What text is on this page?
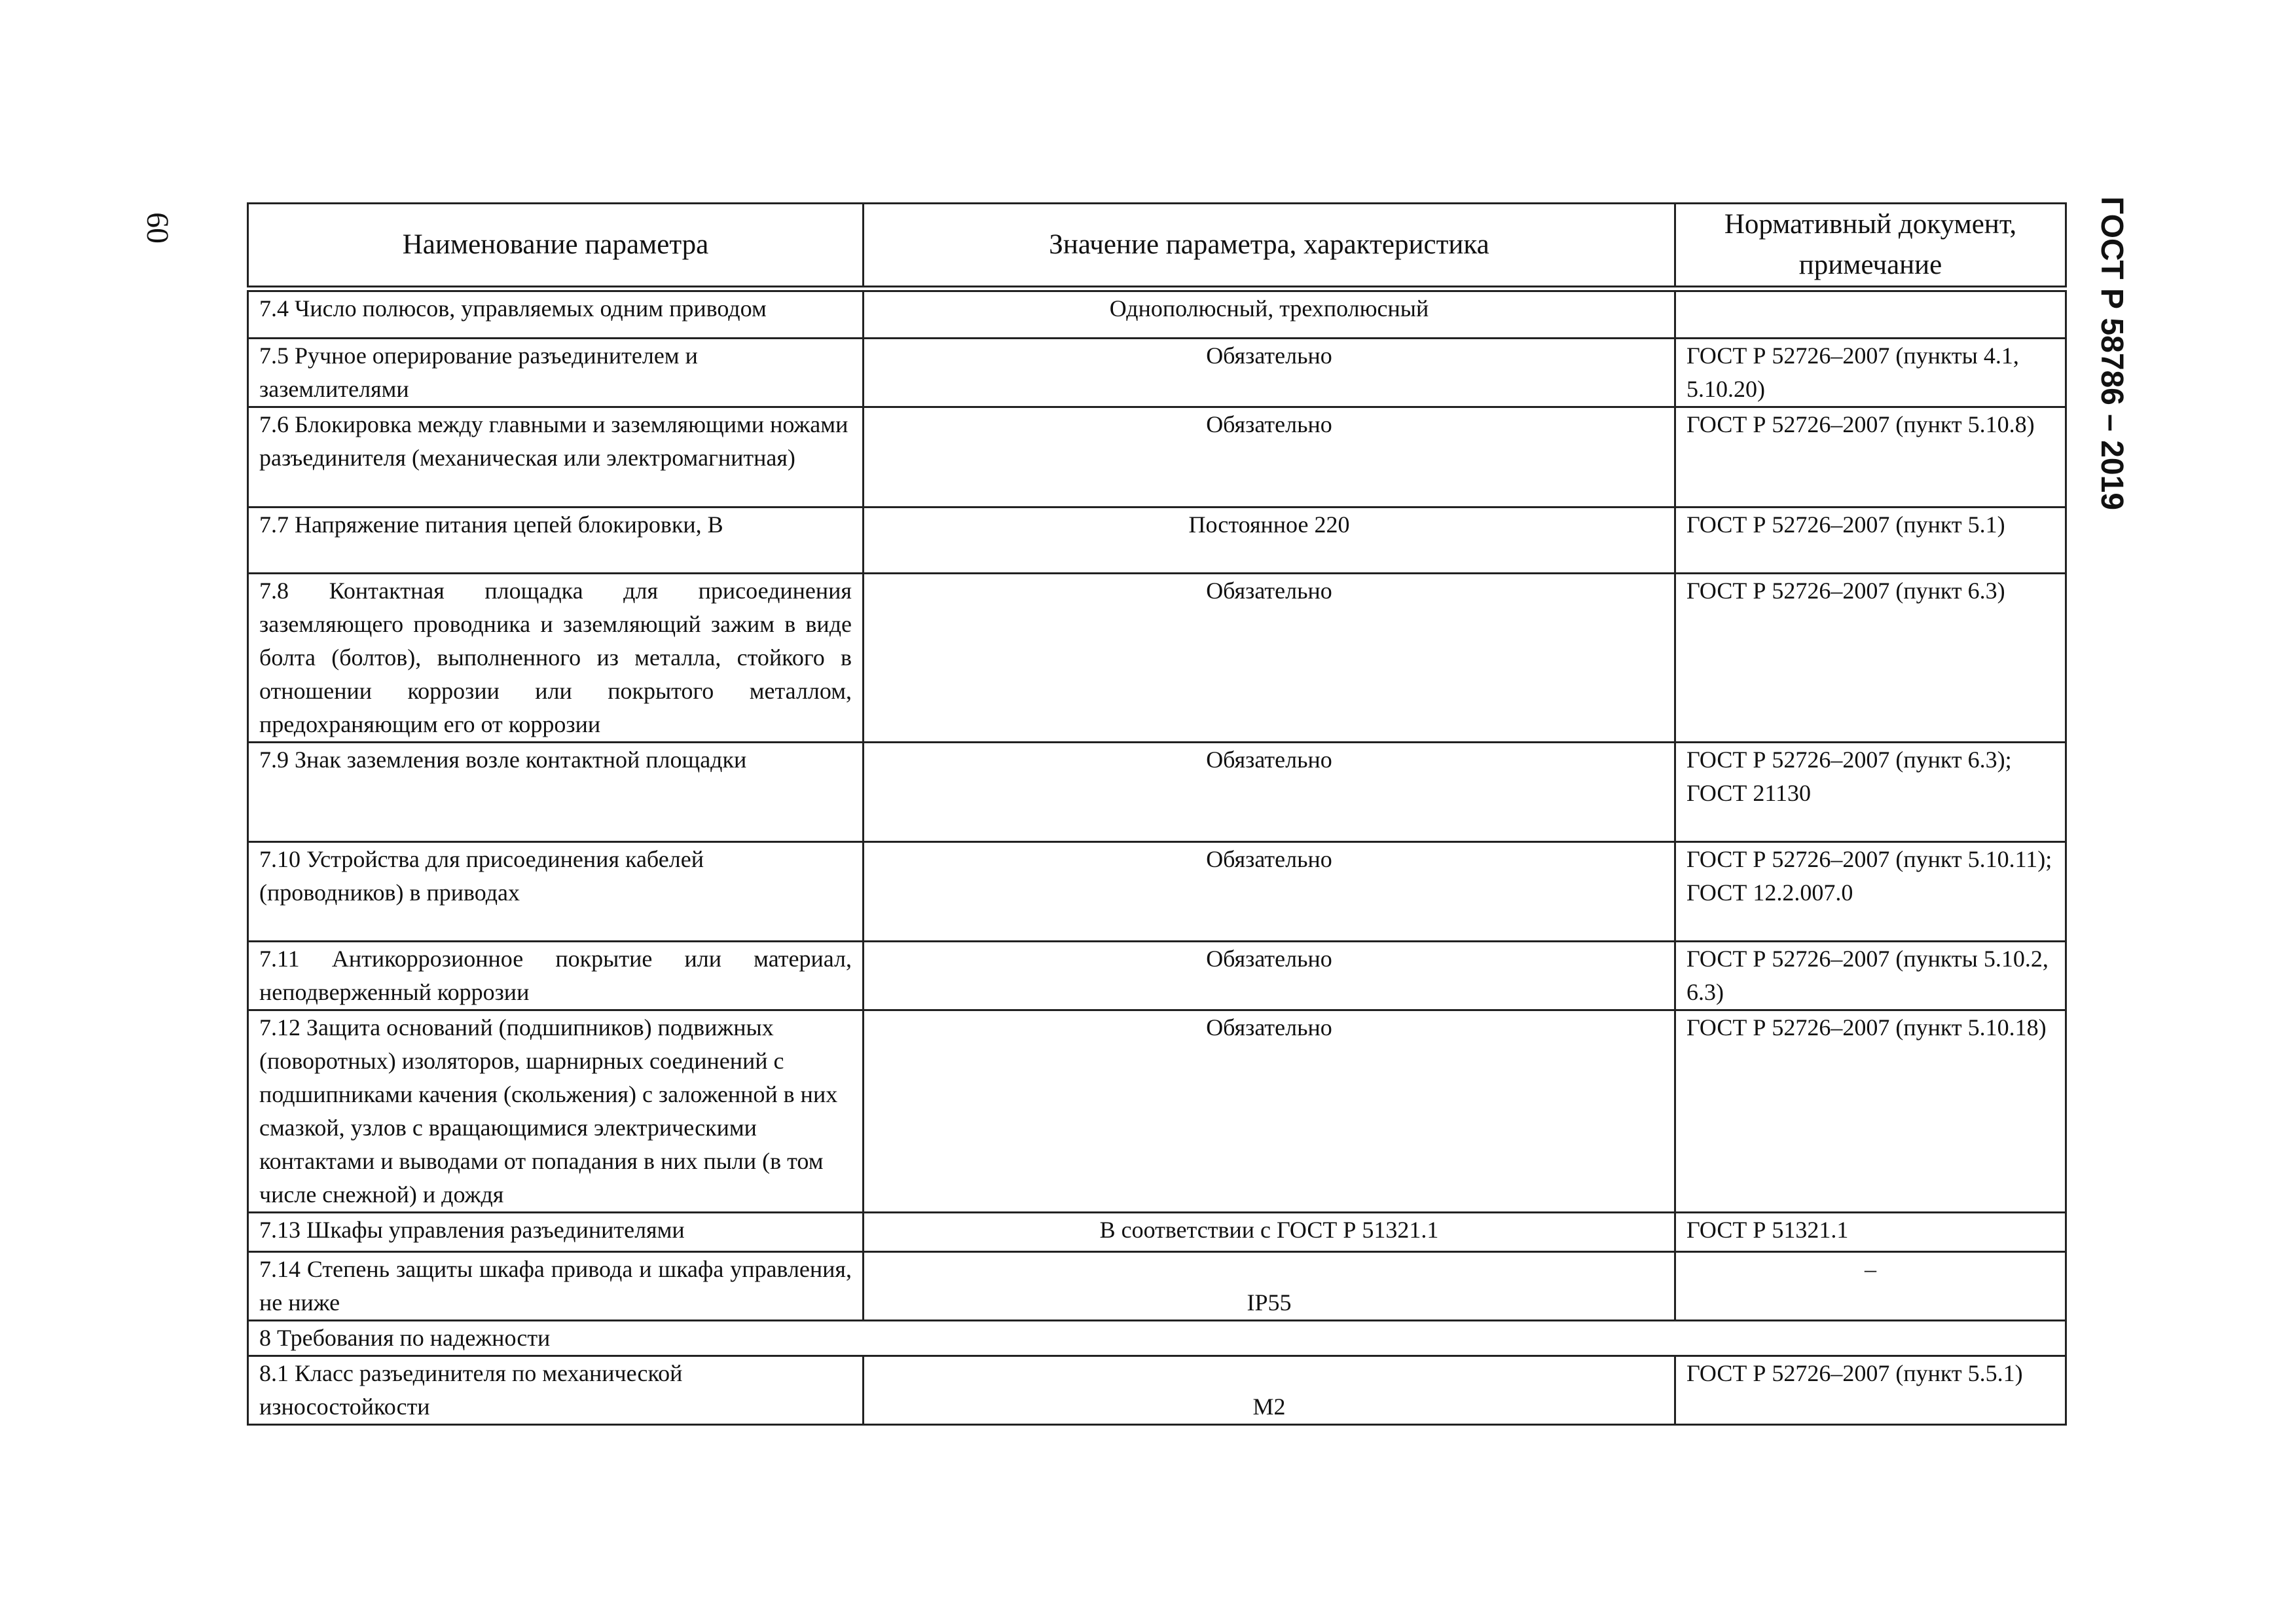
60	ГОСТ Р 58786 – 2019
Наименование параметра	Значение параметра, характеристика	Нормативный документ, примечание
7.4 Число полюсов, управляемых одним приводом	Однополюсный, трехполюсный	
7.5 Ручное оперирование разъединителем и заземлителями	Обязательно	ГОСТ Р 52726–2007 (пункты 4.1, 5.10.20)
7.6 Блокировка между главными и заземляющими ножами разъединителя (механическая или электромагнитная)	Обязательно	ГОСТ Р 52726–2007 (пункт 5.10.8)
7.7 Напряжение питания цепей блокировки, В	Постоянное 220	ГОСТ Р 52726–2007 (пункт 5.1)
7.8 Контактная площадка для присоединения заземляющего проводника и заземляющий зажим в виде болта (болтов), выполненного из металла, стойкого в отношении коррозии или покрытого металлом, предохраняющим его от коррозии	Обязательно	ГОСТ Р 52726–2007 (пункт 6.3)
7.9 Знак заземления возле контактной площадки	Обязательно	ГОСТ Р 52726–2007 (пункт 6.3); ГОСТ 21130
7.10 Устройства для присоединения кабелей (проводников) в приводах	Обязательно	ГОСТ Р 52726–2007 (пункт 5.10.11); ГОСТ 12.2.007.0
7.11 Антикоррозионное покрытие или материал, неподверженный коррозии	Обязательно	ГОСТ Р 52726–2007 (пункты 5.10.2, 6.3)
7.12 Защита оснований (подшипников) подвижных (поворотных) изоляторов, шарнирных соединений с подшипниками качения (скольжения) с заложенной в них смазкой, узлов с вращающимися электрическими контактами и выводами от попадания в них пыли (в том числе снежной) и дождя	Обязательно	ГОСТ Р 52726–2007 (пункт 5.10.18)
7.13 Шкафы управления разъединителями	В соответствии с ГОСТ Р 51321.1	ГОСТ Р 51321.1
7.14 Степень защиты шкафа привода и шкафа управления, не ниже	IP55	–
8 Требования по надежности		
8.1 Класс разъединителя по механической износостойкости	М2	ГОСТ Р 52726–2007 (пункт 5.5.1)
